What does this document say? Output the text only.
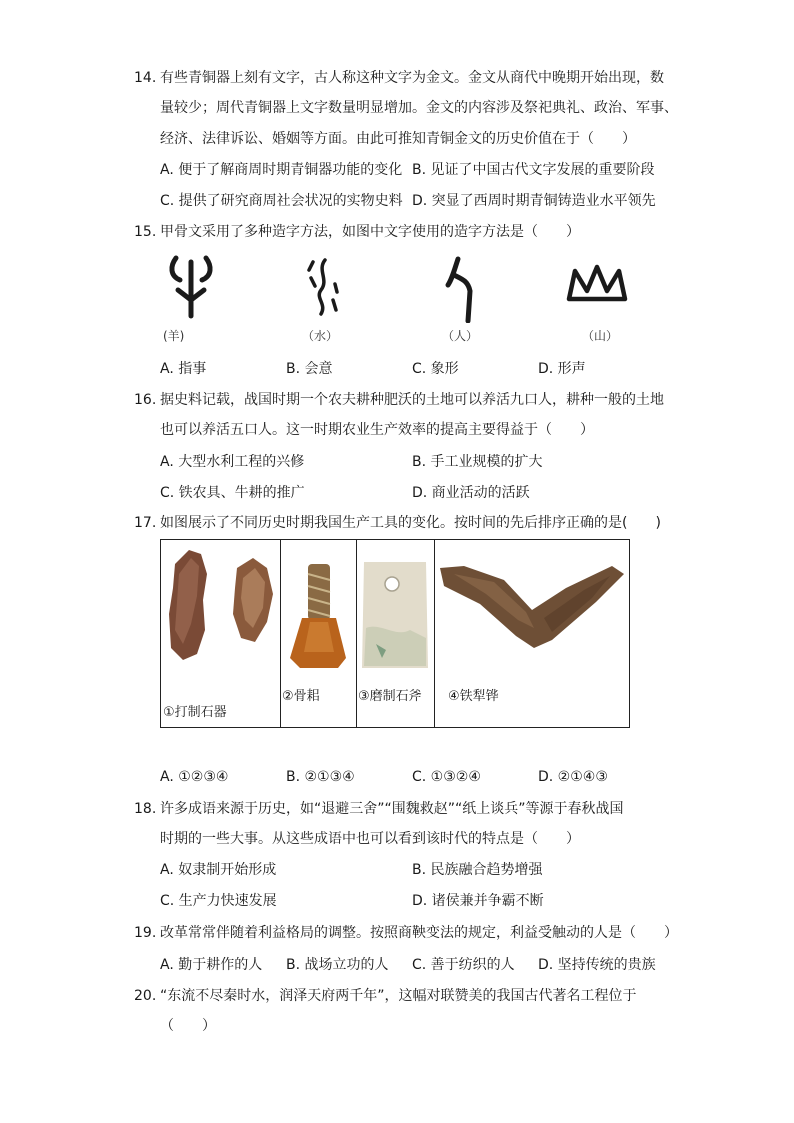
14. 有些青铜器上刻有文字，古人称这种文字为金文。金文从商代中晚期开始出现，数
量较少；周代青铜器上文字数量明显增加。金文的内容涉及祭祀典礼、政治、军事、
经济、法律诉讼、婚姻等方面。由此可推知青铜金文的历史价值在于（　　）
A. 便于了解商周时期青铜器功能的变化 B. 见证了中国古代文字发展的重要阶段
C. 提供了研究商周社会状况的实物史料 D. 突显了西周时期青铜铸造业水平领先
15. 甲骨文采用了多种造字方法，如图中文字使用的造字方法是（　　）
(羊)	（水）	（人）	（山）
A. 指事	B. 会意	C. 象形	D. 形声
16. 据史料记载，战国时期一个农夫耕种肥沃的土地可以养活九口人，耕种一般的土地
也可以养活五口人。这一时期农业生产效率的提高主要得益于（　　）
A. 大型水利工程的兴修	B. 手工业规模的扩大
C. 铁农具、牛耕的推广	D. 商业活动的活跃
17. 如图展示了不同历史时期我国生产工具的变化。按时间的先后排序正确的是(　　)
①打制石器
②骨耜	③磨制石斧 ④铁犁铧
A. ①②③④	B. ②①③④	C. ①③②④	D. ②①④③
18. 许多成语来源于历史，如“退避三舍”“围魏救赵”“纸上谈兵”等源于春秋战国
时期的一些大事。从这些成语中也可以看到该时代的特点是（　　）
A. 奴隶制开始形成	B. 民族融合趋势增强
C. 生产力快速发展	D. 诸侯兼并争霸不断
19. 改革常常伴随着利益格局的调整。按照商鞅变法的规定，利益受触动的人是（　　）
A. 勤于耕作的人 B. 战场立功的人 C. 善于纺织的人 D. 坚持传统的贵族
20. “东流不尽秦时水，润泽天府两千年”，这幅对联赞美的我国古代著名工程位于
（　　）
